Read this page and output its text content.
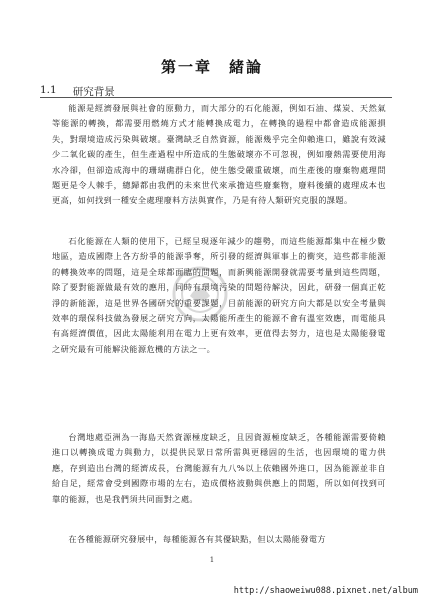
第一章　緒論
1.1 研究背景
能源是經濟發展與社會的原動力，而大部分的石化能源，例如石油、煤炭、天然氣等能源的轉換，都需要用燃燒方式才能轉換成電力，在轉換的過程中都會造成能源損失，對環境造成污染與破壞。臺灣缺乏自然資源，能源幾乎完全仰賴進口，雖說有效減少二氧化碳的產生，但生產過程中所造成的生態破壞亦不可忽視，例如廢熱需要使用海水冷卻，但卻造成海中的珊瑚礁群白化，使生態受嚴重破壞，而生產後的廢棄物處理問題更是令人棘手，總歸都由我們的未來世代來承擔這些廢棄物，廢料後續的處理成本也更高，如何找到一種安全處理廢料方法與實作，乃是有待人類研究克服的課題。
石化能源在人類的使用下，已經呈現逐年減少的趨勢，而這些能源都集中在極少數地區，造成國際上各方紛爭的能源爭奪，所引發的經濟與軍事上的衝突，這些都非能源的轉換效率的問題，這是全球都面臨的問題，而新興能源開發就需要考量到這些問題，除了要對能源做最有效的應用，同時有環境污染的問題待解決，因此，研發一個真正乾淨的新能源，這是世界各國研究的重要課題，目前能源的研究方向大都是以安全考量與效率的環保科技做為發展之研究方向，太陽能所產生的能源不會有溫室效應，而電能具有高經濟價值，因此太陽能利用在電力上更有效率，更值得去努力，這也是太陽能發電之研究最有可能解決能源危機的方法之一。
台灣地處亞洲為一海島天然資源極度缺乏，且因資源極度缺乏，各種能源需要倚賴進口以轉換成電力與動力，以提供民眾日常所需與更穩固的生活，也因環境的電力供應，存到造出台灣的經濟成長，台灣能源有九八%以上依賴國外進口，因為能源並非自給自足，經常會受到國際市場的左右，造成價格波動與供應上的問題，所以如何找到可靠的能源，也是我們須共同面對之處。
在各種能源研究發展中，每種能源各有其優缺點，但以太陽能發電方
1
http://shaoweiwu088.pixnet.net/album
